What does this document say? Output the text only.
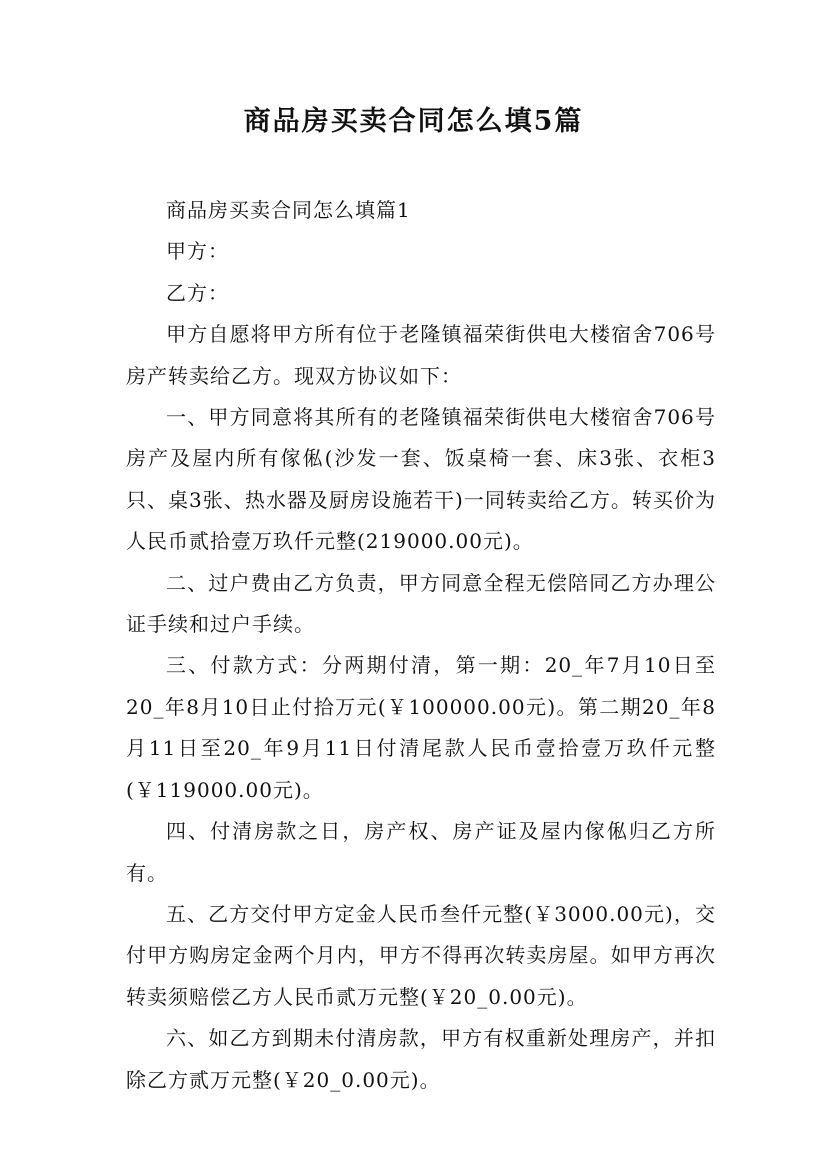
商品房买卖合同怎么填5篇

商品房买卖合同怎么填篇1

甲方：

乙方：

甲方自愿将甲方所有位于老隆镇福荣街供电大楼宿舍706号房产转卖给乙方。现双方协议如下：

一、甲方同意将其所有的老隆镇福荣街供电大楼宿舍706号房产及屋内所有傢俬(沙发一套、饭桌椅一套、床3张、衣柜3只、桌3张、热水器及厨房设施若干)一同转卖给乙方。转买价为人民币贰拾壹万玖仟元整(219000.00元)。

二、过户费由乙方负责，甲方同意全程无偿陪同乙方办理公证手续和过户手续。

三、付款方式：分两期付清，第一期：20_年7月10日至20_年8月10日止付拾万元(￥100000.00元)。第二期20_年8月11日至20_年9月11日付清尾款人民币壹拾壹万玖仟元整(￥119000.00元)。

四、付清房款之日，房产权、房产证及屋内傢俬归乙方所有。

五、乙方交付甲方定金人民币叁仟元整(￥3000.00元)，交付甲方购房定金两个月内，甲方不得再次转卖房屋。如甲方再次转卖须赔偿乙方人民币贰万元整(￥20_0.00元)。

六、如乙方到期未付清房款，甲方有权重新处理房产，并扣除乙方贰万元整(￥20_0.00元)。
